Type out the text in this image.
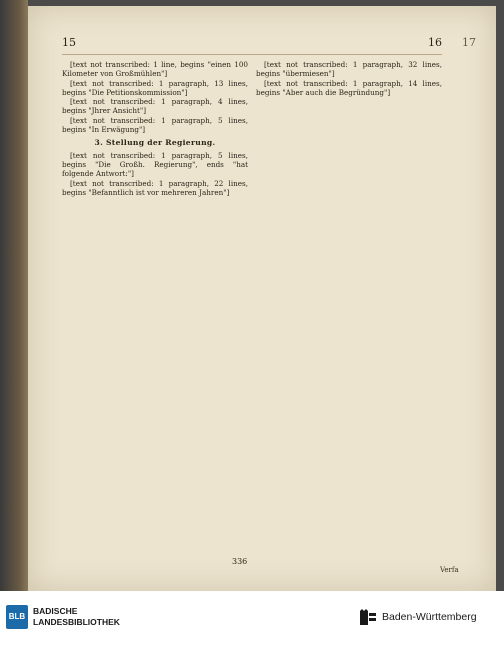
15	16 17

[text not transcribed: 1 line, begins "einen 100 Kilometer von Großmühlen"]

[text not transcribed: 1 paragraph, 13 lines, begins "Die Petitionskommission"]

[text not transcribed: 1 paragraph, 4 lines, begins "Jhrer Ansicht"]

[text not transcribed: 1 paragraph, 5 lines, begins "In Erwägung"]

3. Stellung der Regierung.

[text not transcribed: 1 paragraph, 5 lines, begins "Die Großh. Regierung", ends "hat folgende Antwort:"]

[text not transcribed: 1 paragraph, 22 lines, begins "Befanntlich ist vor mehreren Jahren"]

[text not transcribed: 1 paragraph, 32 lines, begins "übermiesen"]

[text not transcribed: 1 paragraph, 14 lines, begins "Aber auch die Begründung"]

336
Verfa
BLB
BADISCHE
LANDESBIBLIOTHEK	Baden-Württemberg
